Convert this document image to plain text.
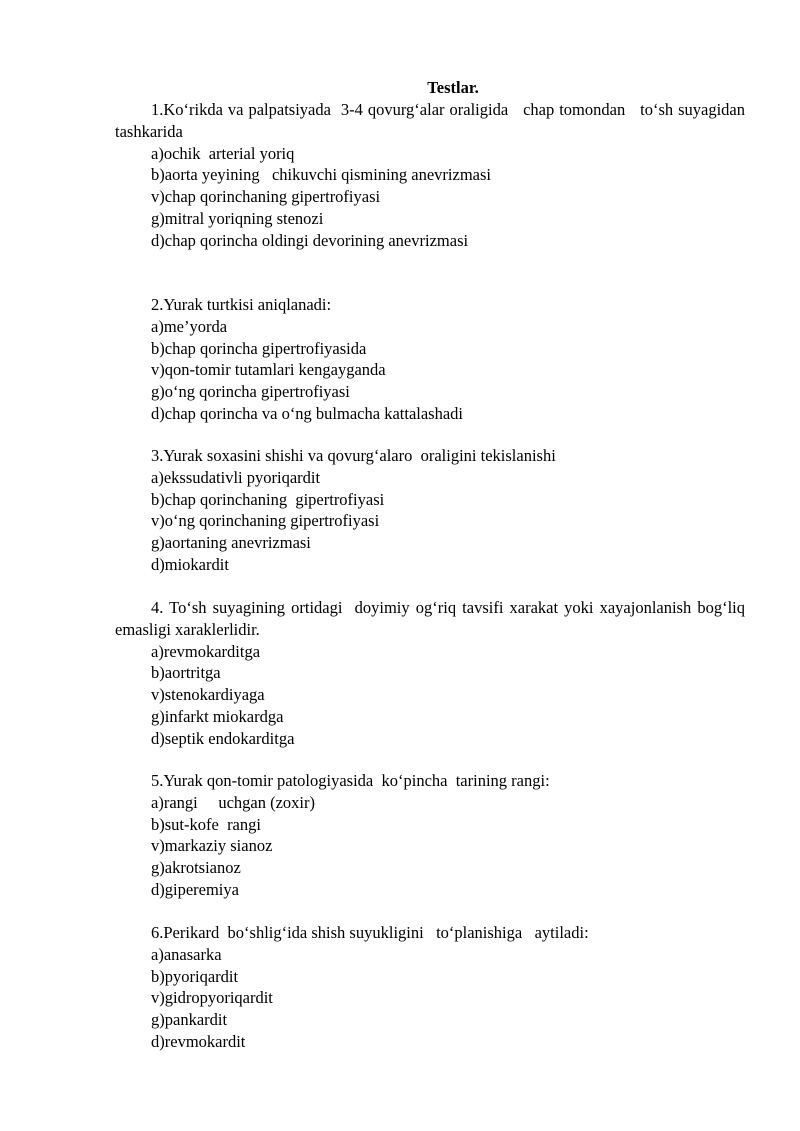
Testlar.

1.Ko‘rikda va palpatsiyada  3-4 qovurg‘alar oraligida   chap tomondan   to‘sh suyagidan     tashkarida

a)ochik  arterial yoriq
b)aorta yeyining   chikuvchi qismining anevrizmasi
v)chap qorinchaning gipertrofiyasi
g)mitral yoriqning stenozi
d)chap qorincha oldingi devorining anevrizmasi

2.Yurak turtkisi aniqlanadi:

a)me’yorda
b)chap qorincha gipertrofiyasida
v)qon-tomir tutamlari kengayganda
g)o‘ng qorincha gipertrofiyasi
d)chap qorincha va o‘ng bulmacha kattalashadi

3.Yurak soxasini shishi va qovurg‘alaro  oraligini tekislanishi

a)ekssudativli pyoriqardit
b)chap qorinchaning  gipertrofiyasi
v)o‘ng qorinchaning gipertrofiyasi
g)aortaning anevrizmasi
d)miokardit

4. To‘sh suyagining ortidagi  doyimiy og‘riq tavsifi xarakat yoki xayajonlanish bog‘liq emasligi xaraklerlidir.

a)revmokarditga
b)aortritga
v)stenokardiyaga
g)infarkt miokardga
d)septik endokarditga

5.Yurak qon-tomir patologiyasida  ko‘pincha  tarining rangi:

a)rangi     uchgan (zoxir)
b)sut-kofe  rangi
v)markaziy sianoz
g)akrotsianoz
d)giperemiya

6.Perikard  bo‘shlig‘ida shish suyukligini   to‘planishiga   aytiladi:

a)anasarka
b)pyoriqardit
v)gidropyoriqardit
g)pankardit
d)revmokardit
